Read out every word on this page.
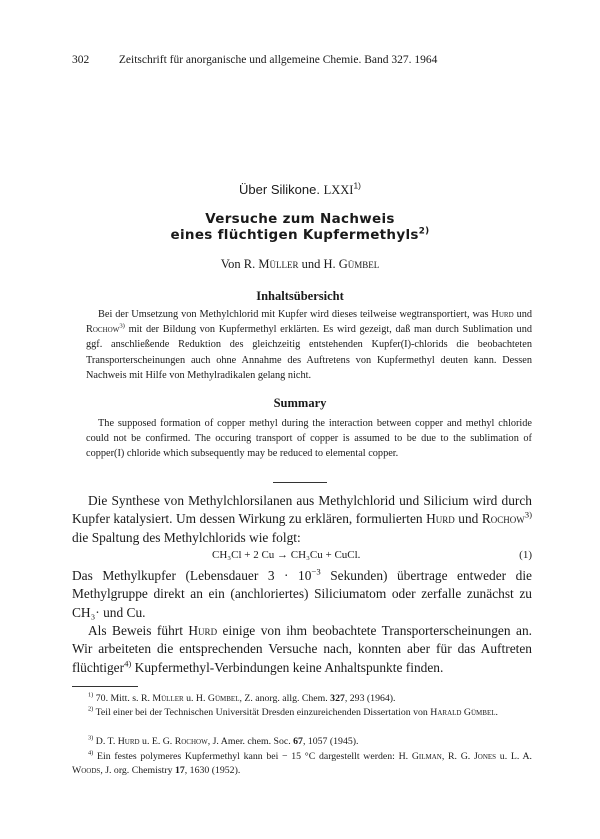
302	Zeitschrift für anorganische und allgemeine Chemie. Band 327. 1964
Über Silikone. LXXI$^{1)}$
Versuche zum Nachweis
eines flüchtigen Kupfermethyls$^{2)}$
Von R. Müller und H. Gümbel
Inhaltsübersicht

Bei der Umsetzung von Methylchlorid mit Kupfer wird dieses teilweise wegtransportiert, was Hurd und Rochow$^{3)}$ mit der Bildung von Kupfermethyl erklärten. Es wird gezeigt, daß man durch Sublimation und ggf. anschließende Reduktion des gleichzeitig entstehenden Kupfer(I)-chlorids die beobachteten Transporterscheinungen auch ohne Annahme des Auftretens von Kupfermethyl deuten kann. Dessen Nachweis mit Hilfe von Methylradikalen gelang nicht.

Summary

The supposed formation of copper methyl during the interaction between copper and methyl chloride could not be confirmed. The occuring transport of copper is assumed to be due to the sublimation of copper(I) chloride which subsequently may be reduced to elemental copper.

Die Synthese von Methylchlorsilanen aus Methylchlorid und Silicium wird durch Kupfer katalysiert. Um dessen Wirkung zu erklären, formulierten Hurd und Rochow$^{3)}$ die Spaltung des Methylchlorids wie folgt:

CH₃Cl + 2 Cu → CH₃Cu + CuCl.	(1)

Das Methylkupfer (Lebensdauer $3 \cdot 10^{-3}$ Sekunden) übertrage entweder die Methylgruppe direkt an ein (anchloriertes) Siliciumatom oder zerfalle zunächst zu CH₃· und Cu.

Als Beweis führt Hurd einige von ihm beobachtete Transporterscheinungen an. Wir arbeiteten die entsprechenden Versuche nach, konnten aber für das Auftreten flüchtiger$^{4)}$ Kupfermethyl-Verbindungen keine Anhaltspunkte finden.

$^{1)}$ 70. Mitt. s. R. Müller u. H. Gümbel, Z. anorg. allg. Chem. 327, 293 (1964).

$^{2)}$ Teil einer bei der Technischen Universität Dresden einzureichenden Dissertation von Harald Gümbel.

$^{3)}$ D. T. Hurd u. E. G. Rochow, J. Amer. chem. Soc. 67, 1057 (1945).

$^{4)}$ Ein festes polymeres Kupfermethyl kann bei − 15 °C dargestellt werden: H. Gilman, R. G. Jones u. L. A. Woods, J. org. Chemistry 17, 1630 (1952).
